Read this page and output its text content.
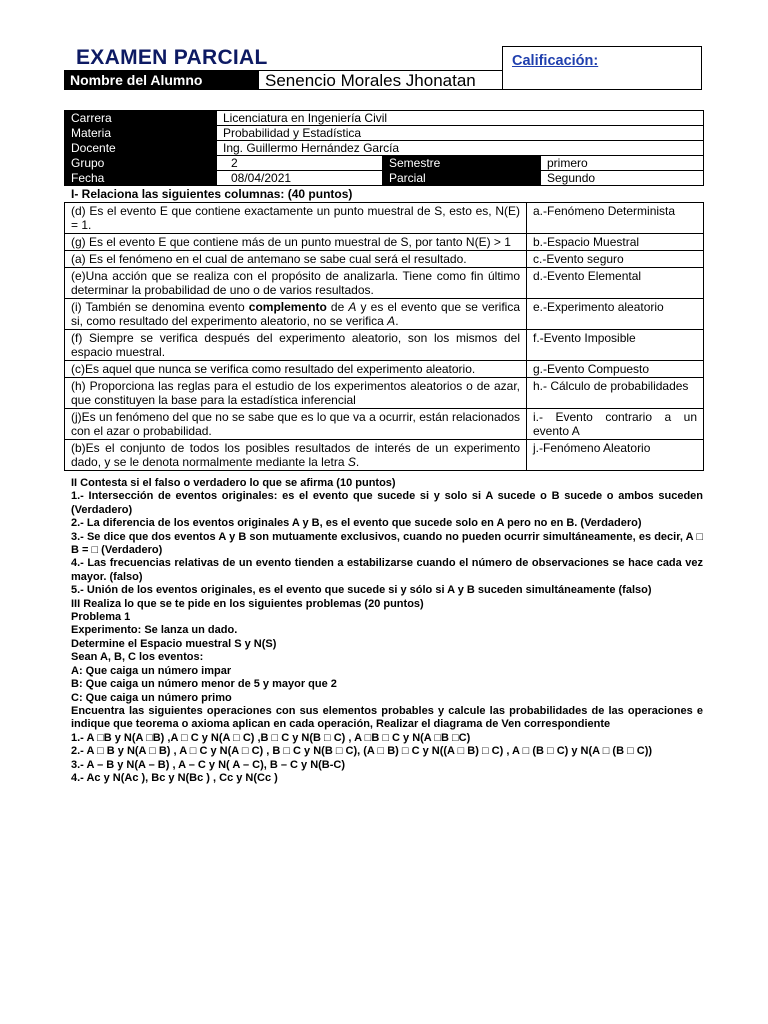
EXAMEN PARCIAL	Calificación:
Nombre del Alumno	Senencio Morales Jhonatan
Carrera	Licenciatura en Ingeniería Civil		
Materia	Probabilidad y Estadística		
Docente	Ing. Guillermo Hernández García		
Grupo	2	Semestre	primero
Fecha	08/04/2021	Parcial	Segundo
I- Relaciona las siguientes columnas: (40 puntos)
(d) Es el evento E que contiene exactamente un punto muestral de S, esto es, N(E) = 1.	a.-Fenómeno Determinista
(g) Es el evento E que contiene más de un punto muestral de S, por tanto N(E) > 1	b.-Espacio Muestral
(a) Es el fenómeno en el cual de antemano se sabe cual será el resultado.	c.-Evento seguro
(e)Una acción que se realiza con el propósito de analizarla. Tiene como fin último determinar la probabilidad de uno o de varios resultados.	d.-Evento Elemental
(i) También se denomina evento complemento de A y es el evento que se verifica si, como resultado del experimento aleatorio, no se verifica A.	e.-Experimento aleatorio
(f) Siempre se verifica después del experimento aleatorio, son los mismos del espacio muestral.	f.-Evento Imposible
(c)Es aquel que nunca se verifica como resultado del experimento aleatorio.	g.-Evento Compuesto
(h) Proporciona las reglas para el estudio de los experimentos aleatorios o de azar, que constituyen la base para la estadística inferencial	h.- Cálculo de probabilidades
(j)Es un fenómeno del que no se sabe que es lo que va a ocurrir, están relacionados con el azar o probabilidad.	i.- Evento contrario a un evento A
(b)Es el conjunto de todos los posibles resultados de interés de un experimento dado, y se le denota normalmente mediante la letra S.	j.-Fenómeno Aleatorio

II Contesta si el falso o verdadero lo que se afirma (10 puntos)

1.- Intersección de eventos originales: es el evento que sucede si y solo si A sucede o B sucede o ambos suceden (Verdadero)

2.- La diferencia de los eventos originales A y B, es el evento que sucede solo en A pero no en B. (Verdadero)

3.- Se dice que dos eventos A y B son mutuamente exclusivos, cuando no pueden ocurrir simultáneamente, es decir, A □ B = □ (Verdadero)

4.- Las frecuencias relativas de un evento tienden a estabilizarse cuando el número de observaciones se hace cada vez mayor. (falso)

5.- Unión de los eventos originales, es el evento que sucede si y sólo si A y B suceden simultáneamente (falso)

III Realiza lo que se te pide en los siguientes problemas (20 puntos)

Problema 1

Experimento: Se lanza un dado.

Determine el Espacio muestral S y N(S)

Sean A, B, C los eventos:

A: Que caiga un número impar

B: Que caiga un número menor de 5 y mayor que 2

C: Que caiga un número primo

Encuentra las siguientes operaciones con sus elementos probables y calcule las probabilidades de las operaciones e indique que teorema o axioma aplican en cada operación, Realizar el diagrama de Ven correspondiente

1.- A □B y N(A □B) ,A □ C y N(A □ C) ,B □ C y N(B □ C) , A □B □ C y N(A □B □C)

2.- A □ B y N(A □ B) , A □ C y N(A □ C) , B □ C y N(B □ C), (A □ B) □ C y N((A □ B) □ C) , A □ (B □ C) y N(A □ (B □ C))

3.- A – B y N(A – B) , A – C y N( A – C), B – C y N(B-C)

4.- Ac y N(Ac ), Bc y N(Bc ) , Cc y N(Cc )
